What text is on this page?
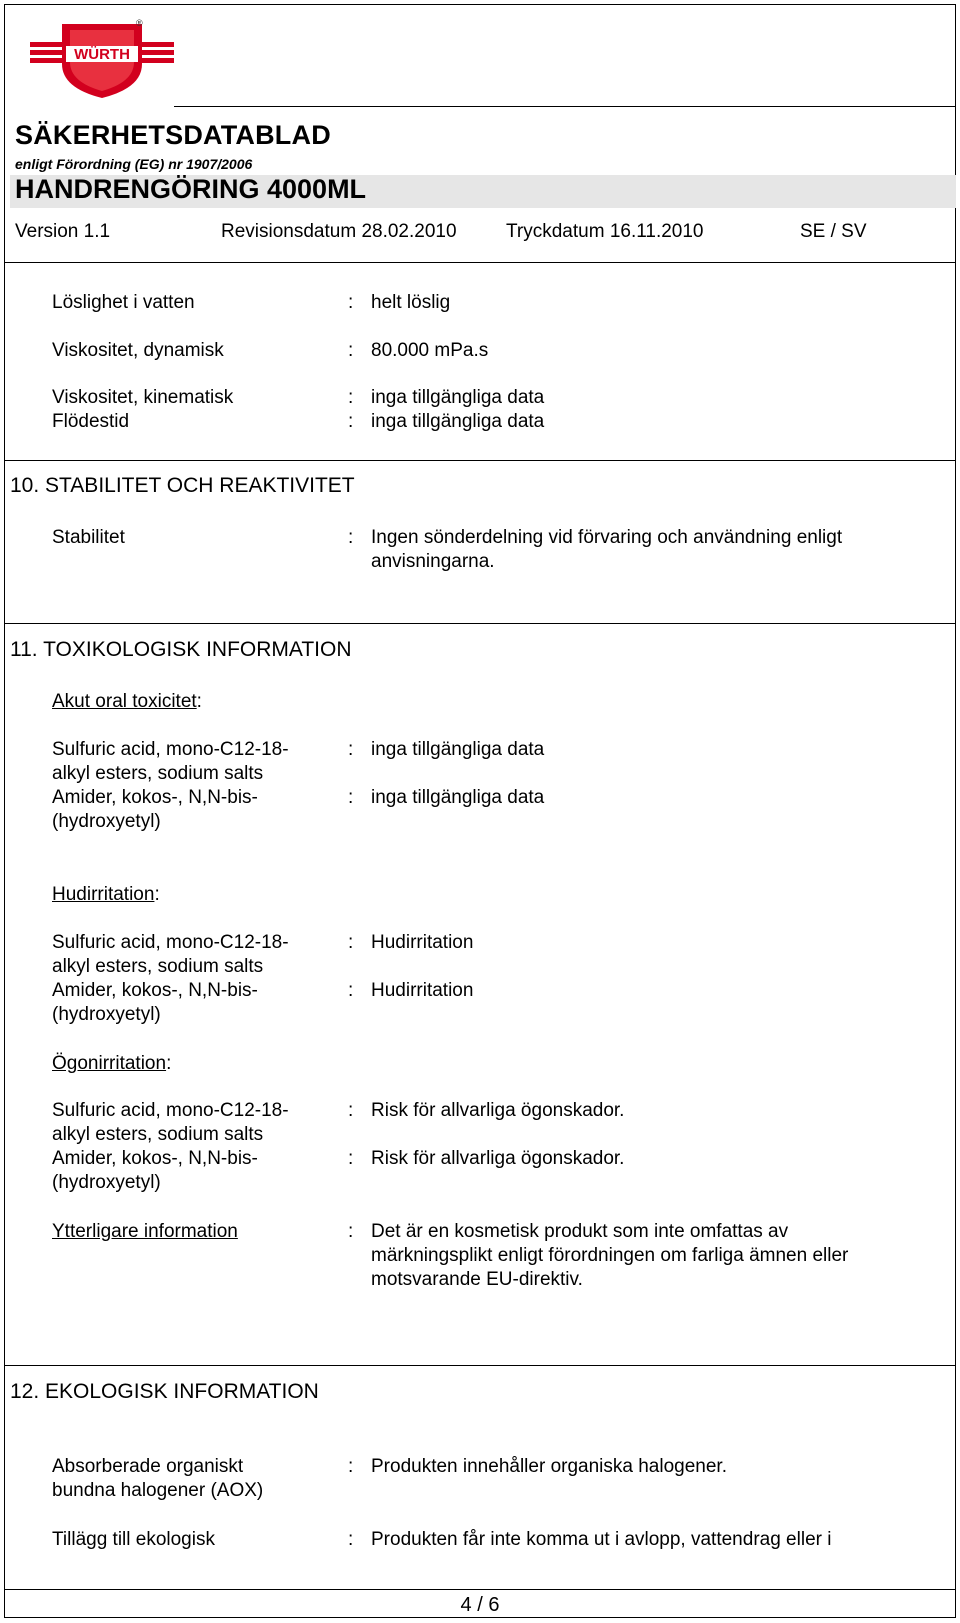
WÜRTH
®
SÄKERHETSDATABLAD
enligt Förordning (EG) nr 1907/2006
HANDRENGÖRING 4000ML
Version 1.1	Revisionsdatum 28.02.2010	Tryckdatum 16.11.2010	SE / SV
Löslighet i vatten	: helt löslig
Viskositet, dynamisk	: 80.000 mPa.s
Viskositet, kinematisk	: inga tillgängliga data
Flödestid	: inga tillgängliga data
10. STABILITET OCH REAKTIVITET
Stabilitet	: Ingen sönderdelning vid förvaring och användning enligt
anvisningarna.
11. TOXIKOLOGISK INFORMATION
Akut oral toxicitet:
Sulfuric acid, mono-C12-18-
alkyl esters, sodium salts
: inga tillgängliga data
Amider, kokos-, N,N-bis-
(hydroxyetyl)
: inga tillgängliga data
Hudirritation:
Sulfuric acid, mono-C12-18-
alkyl esters, sodium salts
: Hudirritation
Amider, kokos-, N,N-bis-
(hydroxyetyl)
: Hudirritation
Ögonirritation:
Sulfuric acid, mono-C12-18-
alkyl esters, sodium salts
: Risk för allvarliga ögonskador.
Amider, kokos-, N,N-bis-
(hydroxyetyl)
: Risk för allvarliga ögonskador.
Ytterligare information	: Det är en kosmetisk produkt som inte omfattas av
märkningsplikt enligt förordningen om farliga ämnen eller
motsvarande EU-direktiv.
12. EKOLOGISK INFORMATION
Absorberade organiskt
bundna halogener (AOX)
: Produkten innehåller organiska halogener.
Tillägg till ekologisk	: Produkten får inte komma ut i avlopp, vattendrag eller i
4 / 6
